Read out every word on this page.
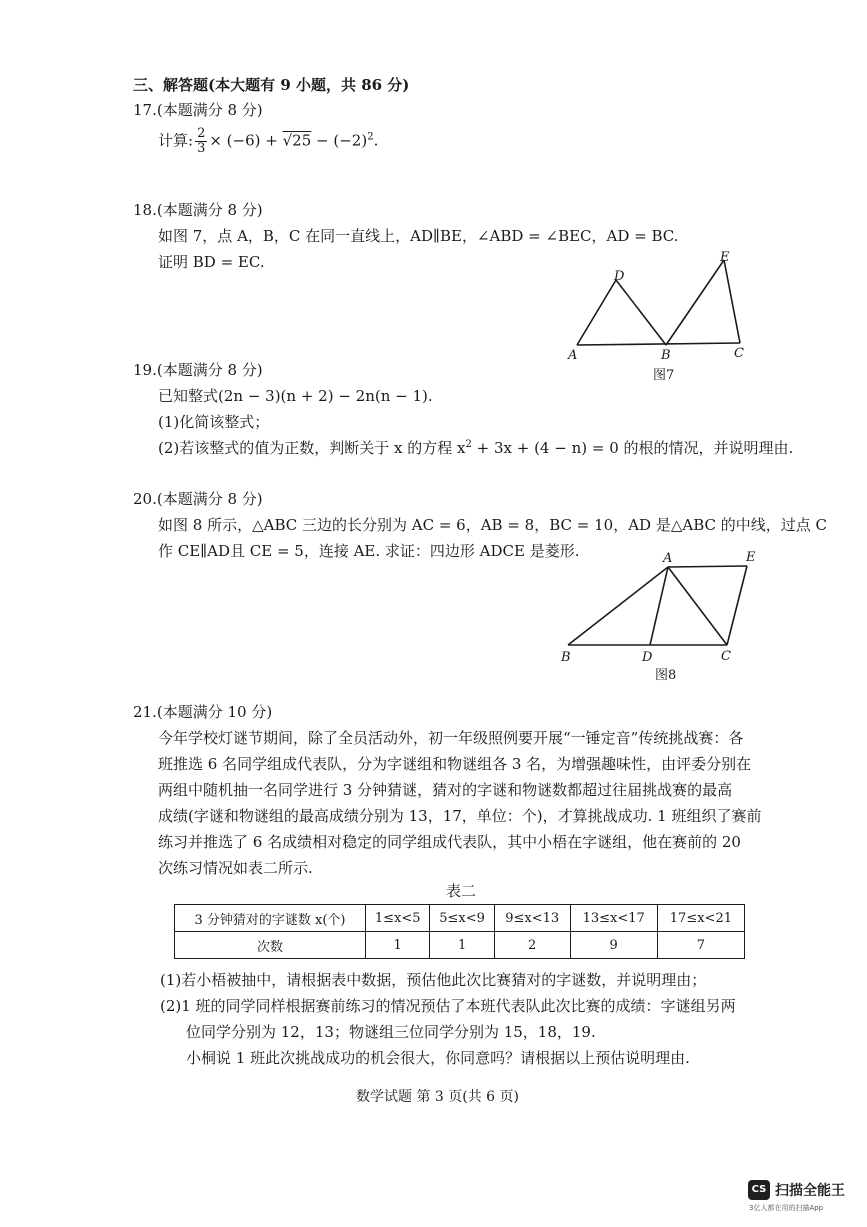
三、解答题(本大题有 9 小题，共 86 分)
17.(本题满分 8 分)
计算: $\frac{2}{3} \times (-6) + √25 - (-2)^2$.
18.(本题满分 8 分)
如图 7，点 A，B，C 在同一直线上，AD∥BE，∠ABD = ∠BEC，AD = BC.
证明 BD = EC.
A	B	C
D
E
图7
19.(本题满分 8 分)
已知整式(2n − 3)(n + 2) − 2n(n − 1).
(1)化简该整式；
(2)若该整式的值为正数，判断关于 x 的方程 $x^2 + 3x + (4 - n) = 0$ 的根的情况，并说明理由.
20.(本题满分 8 分)
如图 8 所示，△ABC 三边的长分别为 AC = 6，AB = 8，BC = 10，AD 是△ABC 的中线，过点 C
作 CE∥AD且 CE = 5，连接 AE. 求证：四边形 ADCE 是菱形.	A
B	C
D
E
图8
21.(本题满分 10 分)
今年学校灯谜节期间，除了全员活动外，初一年级照例要开展“一锤定音”传统挑战赛：各
班推选 6 名同学组成代表队，分为字谜组和物谜组各 3 名，为增强趣味性，由评委分别在
两组中随机抽一名同学进行 3 分钟猜谜，猜对的字谜和物谜数都超过往届挑战赛的最高
成绩(字谜和物谜组的最高成绩分别为 13，17，单位：个)，才算挑战成功. 1 班组织了赛前
练习并推选了 6 名成绩相对稳定的同学组成代表队，其中小梧在字谜组，他在赛前的 20
次练习情况如表二所示.
表二
3 分钟猜对的字谜数 x(个)	1≤x<5	5≤x<9	9≤x<13	13≤x<17	17≤x<21
次数	1	1	2	9	7
(1)若小梧被抽中，请根据表中数据，预估他此次比赛猜对的字谜数，并说明理由；
(2)1 班的同学同样根据赛前练习的情况预估了本班代表队此次比赛的成绩：字谜组另两
位同学分别为 12，13；物谜组三位同学分别为 15，18，19.
小桐说 1 班此次挑战成功的机会很大，你同意吗？请根据以上预估说明理由.
数学试题 第 3 页(共 6 页)
CS 扫描全能王
3亿人都在用的扫描App
